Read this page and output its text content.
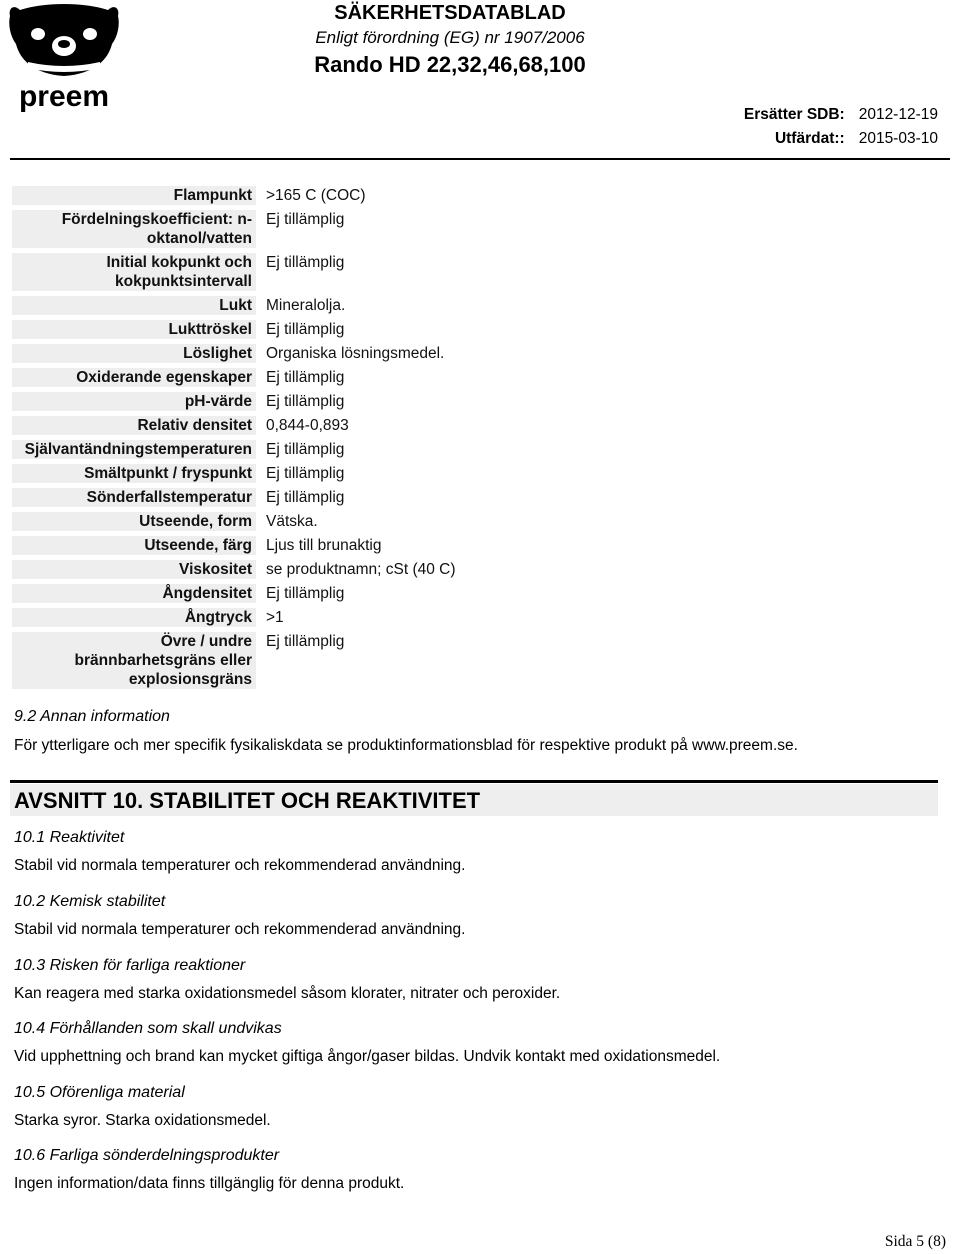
preem
SÄKERHETSDATABLAD
Enligt förordning (EG) nr 1907/2006
Rando HD 22,32,46,68,100
Ersätter SDB: 2012-12-19
Utfärdat:: 2015-03-10
Flampunkt >165 C (COC)
Fördelningskoefficient: n-oktanol/vatten
Ej tillämplig
Initial kokpunkt och kokpunktsintervall
Ej tillämplig
Lukt Mineralolja.
Lukttröskel Ej tillämplig
Löslighet Organiska lösningsmedel.
Oxiderande egenskaper Ej tillämplig
pH-värde Ej tillämplig
Relativ densitet 0,844-0,893
Självantändningstemperaturen Ej tillämplig
Smältpunkt / fryspunkt Ej tillämplig
Sönderfallstemperatur Ej tillämplig
Utseende, form Vätska.
Utseende, färg Ljus till brunaktig
Viskositet se produktnamn; cSt (40 C)
Ångdensitet Ej tillämplig
Ångtryck >1
Övre / undre brännbarhetsgräns eller explosionsgräns
Ej tillämplig
9.2 Annan information
För ytterligare och mer specifik fysikaliskdata se produktinformationsblad för respektive produkt på www.preem.se.
AVSNITT 10. STABILITET OCH REAKTIVITET
10.1 Reaktivitet
Stabil vid normala temperaturer och rekommenderad användning.
10.2 Kemisk stabilitet
Stabil vid normala temperaturer och rekommenderad användning.
10.3 Risken för farliga reaktioner
Kan reagera med starka oxidationsmedel såsom klorater, nitrater och peroxider.
10.4 Förhållanden som skall undvikas
Vid upphettning och brand kan mycket giftiga ångor/gaser bildas. Undvik kontakt med oxidationsmedel.
10.5 Oförenliga material
Starka syror. Starka oxidationsmedel.
10.6 Farliga sönderdelningsprodukter
Ingen information/data finns tillgänglig för denna produkt.
Sida 5 (8)
